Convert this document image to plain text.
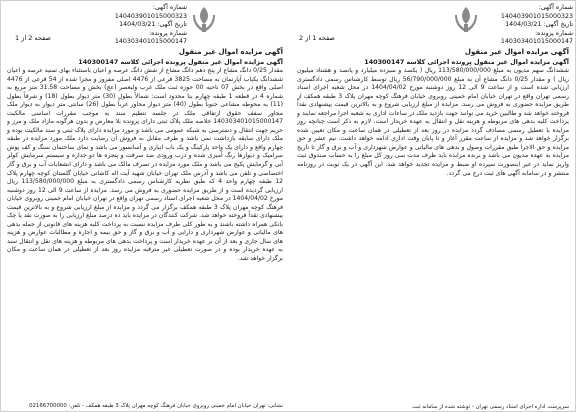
شماره آگهی: 140403901015000323
تاریخ آگهی: 1404/03/21
شماره پرونده: 140303401015000147
صفحه 2 از 1	صفحه 1 از 2
شماره آگهی: 140403901015000323
تاریخ آگهی: 1404/03/21
شماره پرونده: 140303401015000147

آگهی مزایده اموال غیر منقول

آگهی مزایده اموال غیر منقول پرونده اجرائی کلاسه 140300147

مقدار 0/25 دانگ مشاع از پنج دهم دانگ مشاع از شش دانگ عرصه و اعیان باستثناء بهای ثمنیه عرصه و اعیان ششدانگ یکباب آپارتمان به مساحت 3825 قرعی از 4476 اصلی مفروز و مجزا شده از 54 قرعی از 4476 اصلی واقع در بخش 07 ناحیه 00 حوزه ثبت ملک غرب ولیعصر (عج) بخش و مساحت 31.58 متر مربع به شماره 4 در قطعه 1 طبقه چهارم بنا محدود است: شمالاً بطول (30) متر دیوار بطول (18) و شرقاً بطول (11) به محوطه مشاعی جنوباً بطول (40) متر دیوار مجاور غرباً بطول (26) سانتی متر دیوار به دیوار ملک مجاور سفف حقوق ارتفاقی ملک در جلسه تنظیم سند به موجب مقررات اساسی مالکیت 140303401015000147 خلاصه ملک پلاک ثبتی دارای پرونده بلا معارض و بدون هرگونه مازاد ملک و مرز و حریم جهت انتقال و دسترسی به شبکه عمومی می باشد و مورد مزایده دارای پلاک ثبتی و سند مالکیت بوده و ملک دارای سابقه بازداشت نمی باشد و طرف مقابل به فروش آن رضایت دارد ملک مورد مزایده در طبقه چهارم واقع و دارای یک واحد پارکینگ و یک باب انباری و آسانسور می باشد و نمای ساختمان سنگ و کف پوش سرامیک و دیوارها رنگ آمیزی شده و درب ورودی ضد سرقت و پنجره ها دو جداره و سیستم سرمایش کولر آبی و گرمایش پکیج می باشد و ملک مورد مزایده در تصرف مالک می باشد و دارای انشعابات آب و برق و گاز اختصاصی و تلفن می باشد و آدرس ملک تهران خیابان شهید آیت اله کاشانی خیابان گلستان کوچه چهارم پلاک 12 طبقه چهارم واحد 4 که طبق نظریه کارشناس رسمی دادگستری به مبلغ 113/580/000/000 ریال ارزیابی گردیده است و از طریق مزایده حضوری به فروش می رسد. مزایده از ساعت 9 الی 12 روز دوشنبه مورخ 1404/04/02 در محل شعبه اجرای اسناد رسمی تهران واقع در تهران خیابان امام خمینی روبروی خیابان فرهنگ کوچه مهران پلاک 3 طبقه همکف برگزار می گردد و مزایده از مبلغ ارزیابی شروع و به بالاترین قیمت پیشنهادی نقداً فروخته خواهد شد. شرکت کنندگان در مزایده باید ده درصد مبلغ ارزیابی را به صورت نقد یا چک بانکی همراه داشته باشند و به طور کلی طرف مزایده نسبت به پرداخت کلیه هزینه های قانونی از جمله بدهی های مالیاتی و عوارض شهرداری و دارایی و آب و برق و گاز و حق بیمه و اجاره و مطالبات عوارض و هزینه های سال جاری و بعد از آن بر عهده خریدار است و پرداخت بدهی های مربوطه و هزینه های نقل و انتقال سند به عهده خریدار بوده و در صورت تعطیلی غیر مترقبه مزایده روز بعد از تعطیلی در همان ساعت و مکان برگزار خواهد شد.

آگهی مزایده اموال غیر منقول

آگهی مزایده اموال غیر منقول پرونده اجرائی کلاسه 140300147

ششدانگ سهم مدیون به مبلغ 113/580/000/000 ریال ( یکصد و سیزده میلیارد و پانصد و هشتاد میلیون ریال ) و مقدار 0/25 دانگ مشاع آن به مبلغ 56/790/000/000 ریال توسط کارشناس رسمی دادگستری ارزیابی شده است و از ساعت 9 الی 12 روز دوشنبه مورخ 1404/04/02 در محل شعبه اجرای اسناد رسمی تهران واقع در تهران خیابان امام خمینی روبروی خیابان فرهنگ کوچه مهران پلاک 3 طبقه همکف از طریق مزایده حضوری به فروش می رسد. مزایده از مبلغ ارزیابی شروع و به بالاترین قیمت پیشنهادی نقداً فروخته خواهد شد و طالبین خرید می توانند جهت بازدید ملک در ساعات اداری به شعبه اجرا مراجعه نمایند و پرداخت کلیه بدهی های مربوطه و هزینه نقل و انتقال به عهده خریدار است. لازم به ذکر است چنانچه روز مزایده با تعطیل رسمی مصادف گردد مزایده در روز بعد از تعطیلی در همان ساعت و مکان تعیین شده برگزار خواهد شد و مزایده از ساعت مقرر آغاز و تا پایان وقت اداری ادامه خواهد داشت. نیم عشر و حق مزایده و حق الاجرا طبق مقررات وصول و بدهی های مالیاتی و عوارض شهرداری و آب و برق و گاز تا تاریخ مزایده به عهده مدیون می باشد و برنده مزایده باید ظرف مدت سی روز کل مبلغ را به حساب صندوق ثبت واریز نماید در غیر اینصورت سپرده او ضبط و مزایده تجدید خواهد شد. این آگهی در یک نوبت در روزنامه منتشر و در سامانه آگهی های ثبت درج می گردد.

نشانی: تهران خیابان امام خمینی روبروی خیابان فرهنگ کوچه مهران پلاک 3 طبقه همکف - تلفن: 02166700000	سرپرست اداره اجرای اسناد رسمی تهران - نوشته شده از سامانه ثبت
